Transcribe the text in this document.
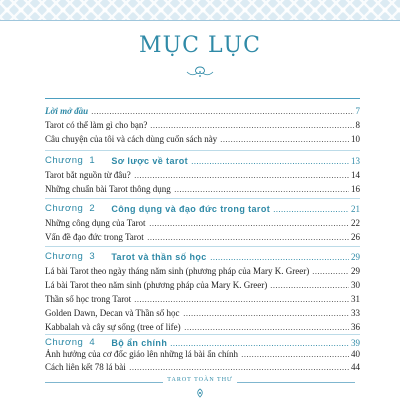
MỤC LỤC
Lời mở đầu	7
Tarot có thể làm gì cho bạn?	8
Câu chuyện của tôi và cách dùng cuốn sách này	10
Chương 1	Sơ lược về tarot	13
Tarot bắt nguồn từ đâu?	14
Những chuẩn bài Tarot thông dụng	16
Chương 2	Công dụng và đạo đức trong tarot	21
Những công dụng của Tarot	22
Vấn đề đạo đức trong Tarot	26
Chương 3	Tarot và thần số học	29
Lá bài Tarot theo ngày tháng năm sinh (phương pháp của Mary K. Greer)	29
Lá bài Tarot theo năm sinh (phương pháp của Mary K. Greer)	30
Thần số học trong Tarot	31
Golden Dawn, Decan và Thần số học	33
Kabbalah và cây sự sống (tree of life)	36
Chương 4	Bộ ẩn chính	39
Ảnh hưởng của cơ đốc giáo lên những lá bài ẩn chính	40
Cách liên kết 78 lá bài	44
TAROT TOÀN THƯ
